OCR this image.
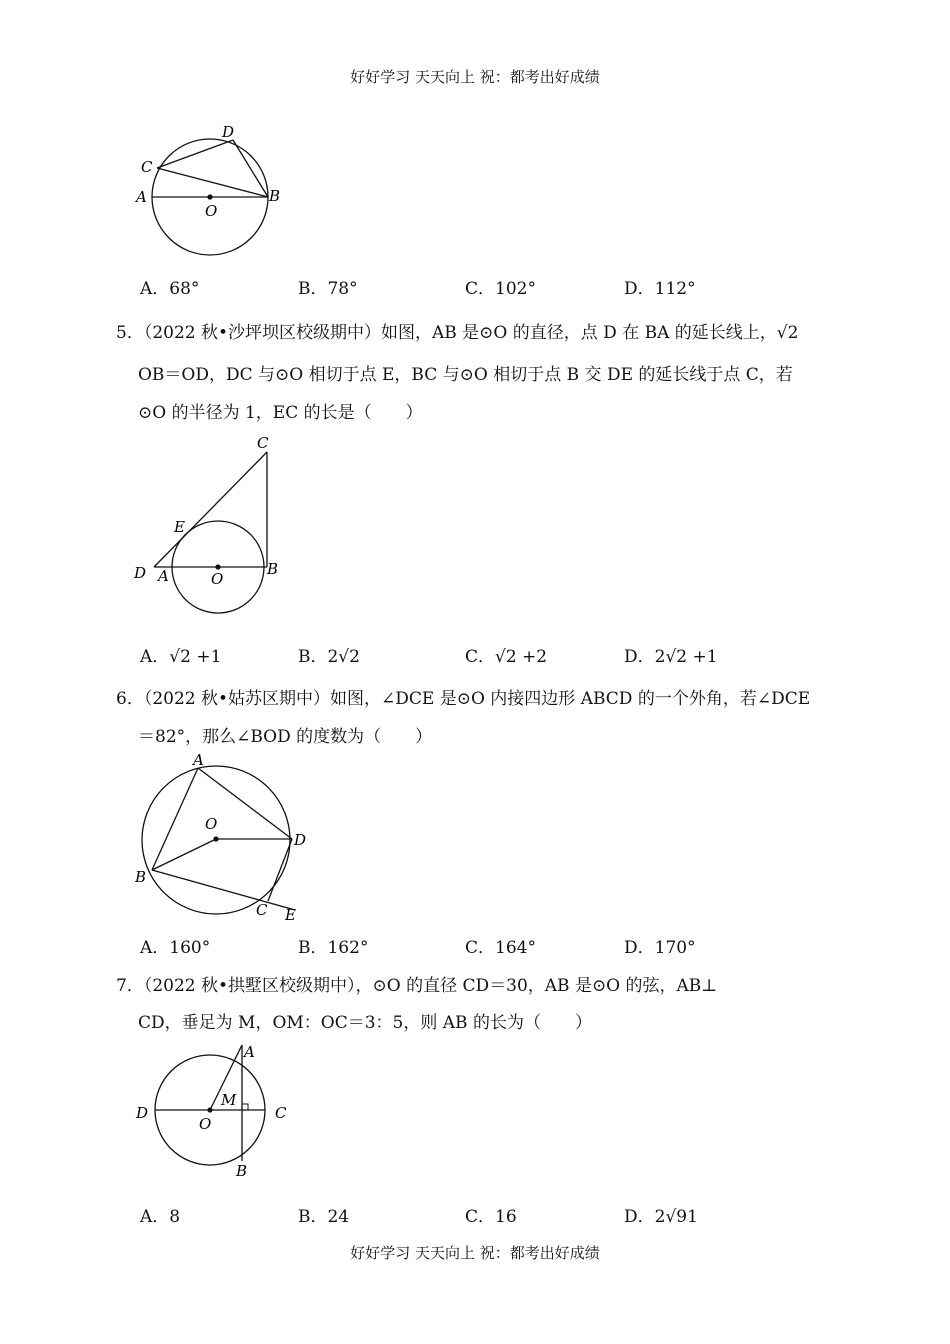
好好学习 天天向上 祝：都考出好成绩
D
C
A	B
O
A．68°	B．78°	C．102°	D．112°
5．（2022 秋•沙坪坝区校级期中）如图，AB 是⊙O 的直径，点 D 在 BA 的延长线上，√2
OB＝OD，DC 与⊙O 相切于点 E，BC 与⊙O 相切于点 B 交 DE 的延长线于点 C，若
⊙O 的半径为 1，EC 的长是（　　）
C
E
D A	O
B
A．√2 +1	B．2√2	C．√2 +2	D．2√2 +1
6．（2022 秋•姑苏区期中）如图，∠DCE 是⊙O 内接四边形 ABCD 的一个外角，若∠DCE
＝82°，那么∠BOD 的度数为（　　）
A
O
D
B
C E
A．160°	B．162°	C．164°	D．170°
7．（2022 秋•拱墅区校级期中），⊙O 的直径 CD＝30，AB 是⊙O 的弦，AB⊥
CD，垂足为 M，OM：OC＝3：5，则 AB 的长为（　　）
A
M
D
O
C
B
A．8	B．24	C．16	D．2√91
好好学习 天天向上 祝：都考出好成绩
